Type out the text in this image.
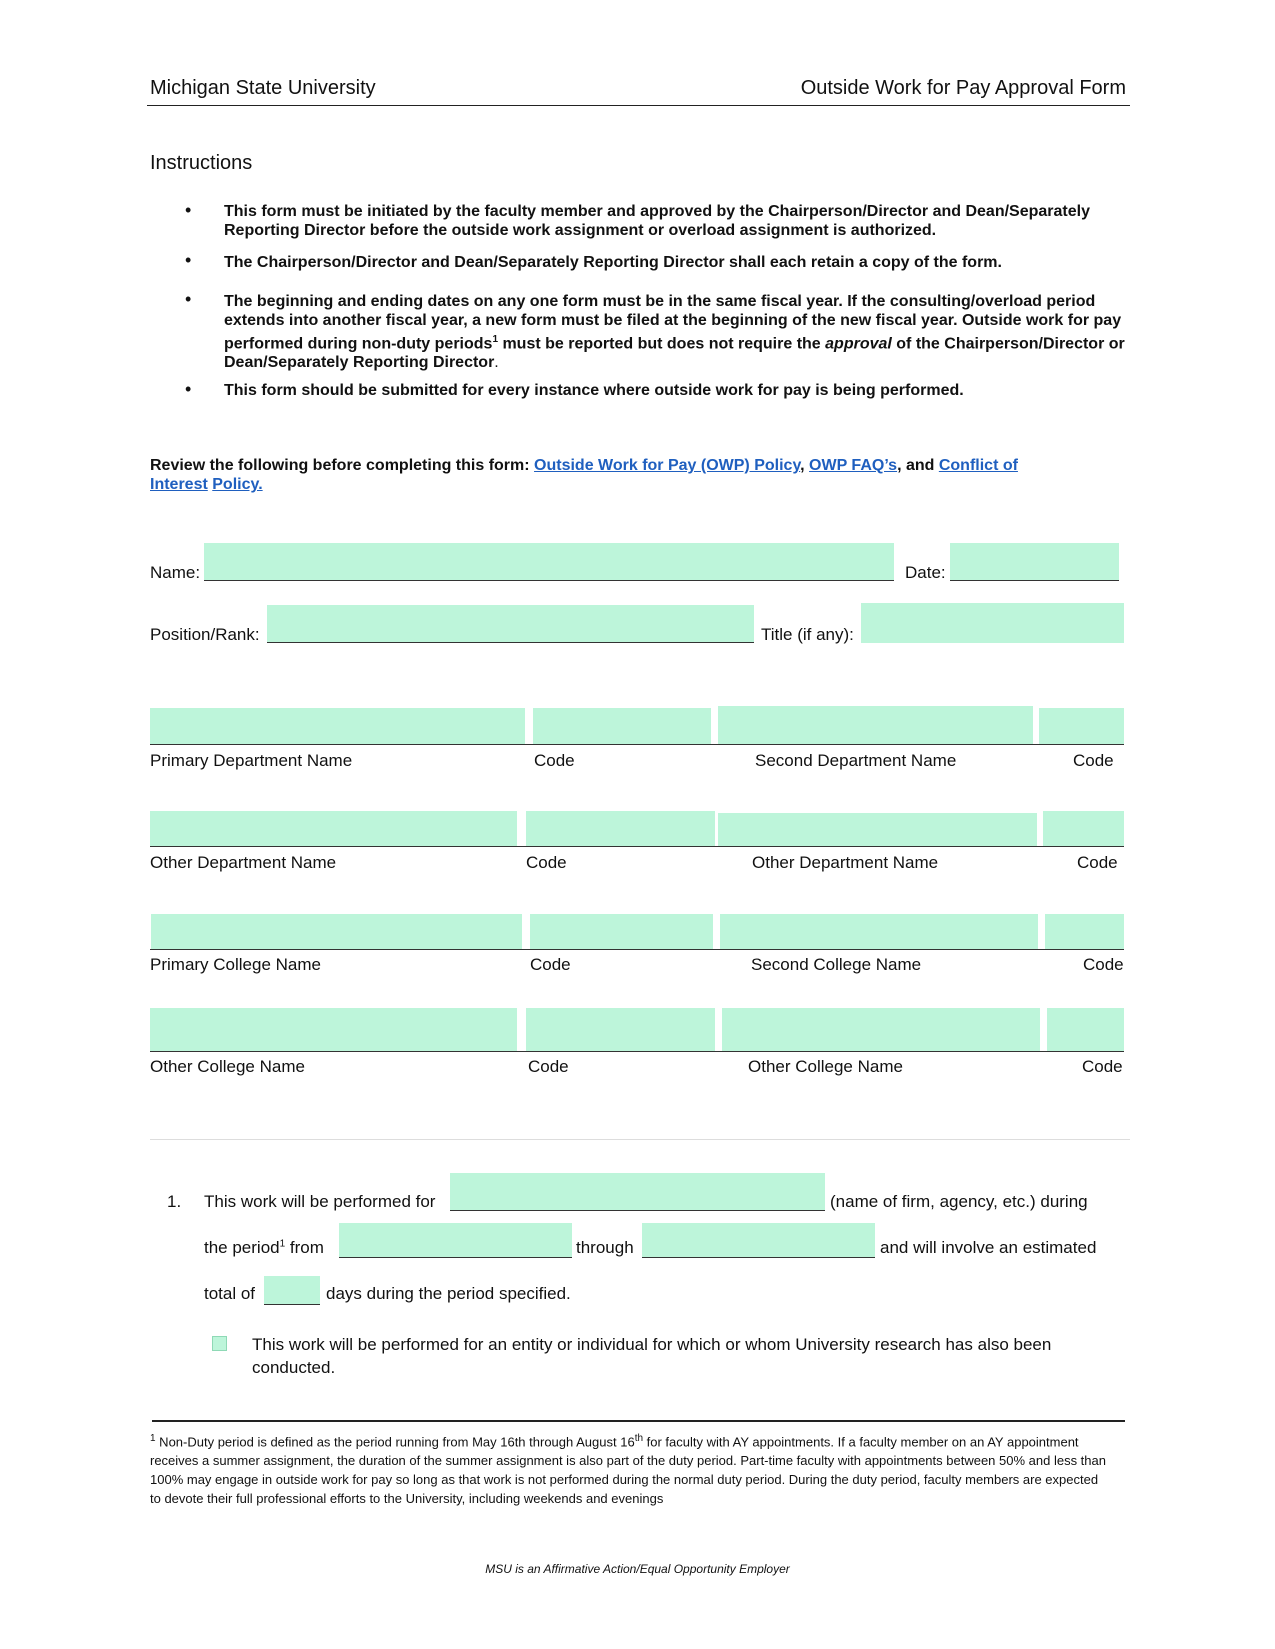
Michigan State University	Outside Work for Pay Approval Form
Instructions
• This form must be initiated by the faculty member and approved by the Chairperson/Director and Dean/Separately Reporting Director before the outside work assignment or overload assignment is authorized.
• The Chairperson/Director and Dean/Separately Reporting Director shall each retain a copy of the form.
• The beginning and ending dates on any one form must be in the same fiscal year. If the consulting/overload period extends into another fiscal year, a new form must be filed at the beginning of the new fiscal year. Outside work for pay performed during non-duty periods$^1$ must be reported but does not require the approval of the Chairperson/Director or Dean/Separately Reporting Director.
• This form should be submitted for every instance where outside work for pay is being performed.
Review the following before completing this form: Outside Work for Pay (OWP) Policy, OWP FAQ’s, and Conflict of Interest Policy.
Name:	Date:
Position/Rank:	Title (if any):
Primary Department Name	Code	Second Department Name	Code
Other Department Name	Code	Other Department Name	Code
Primary College Name	Code	Second College Name	Code
Other College Name	Code	Other College Name	Code
1. This work will be performed for	(name of firm, agency, etc.) during
the period$^1$ from	through	and will involve an estimated
total of	days during the period specified.
This work will be performed for an entity or individual for which or whom University research has also been conducted.
$^1$ Non-Duty period is defined as the period running from May 16th through August 16th for faculty with AY appointments. If a faculty member on an AY appointment receives a summer assignment, the duration of the summer assignment is also part of the duty period. Part-time faculty with appointments between 50% and less than 100% may engage in outside work for pay so long as that work is not performed during the normal duty period. During the duty period, faculty members are expected to devote their full professional efforts to the University, including weekends and evenings
MSU is an Affirmative Action/Equal Opportunity Employer
